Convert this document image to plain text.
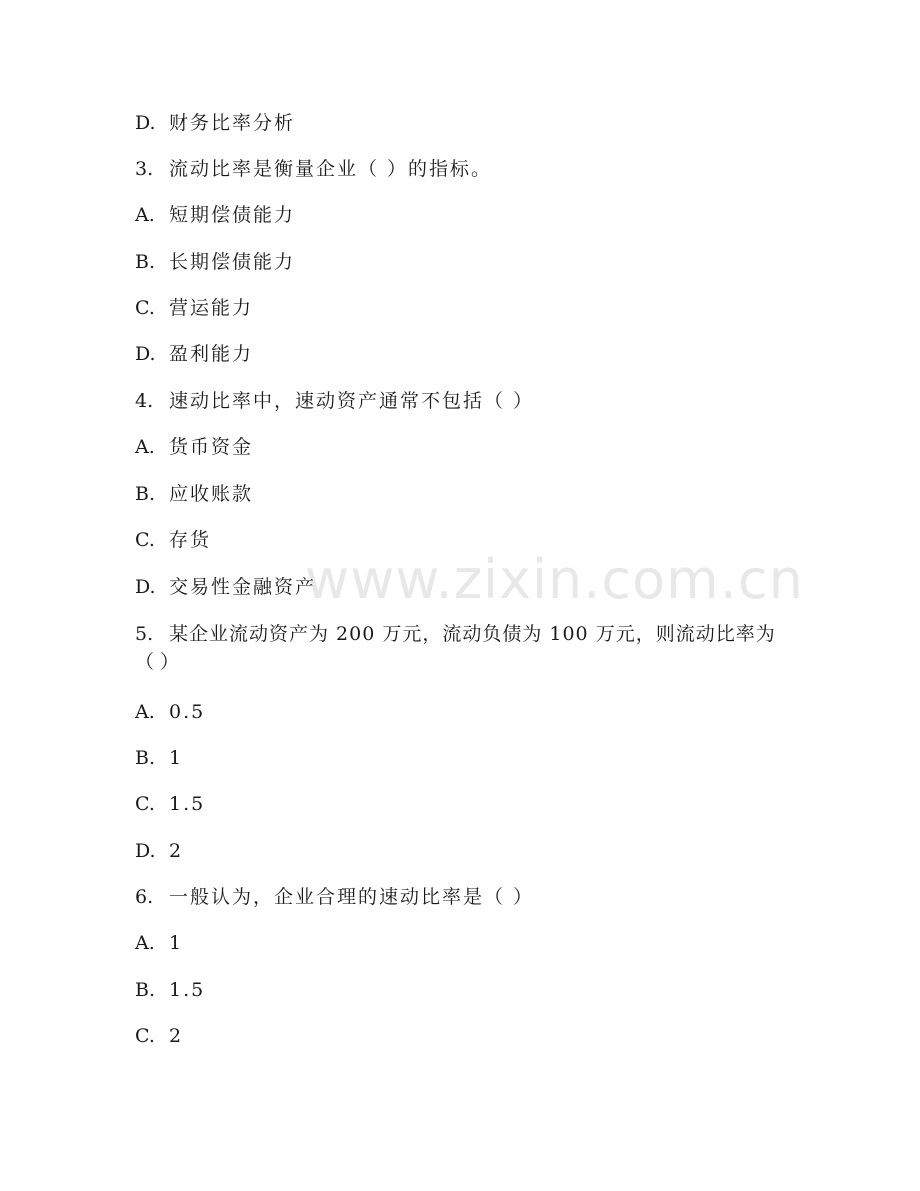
D. 财务比率分析
3. 流动比率是衡量企业（ ）的指标。
A. 短期偿债能力
B. 长期偿债能力
C. 营运能力
D. 盈利能力
4. 速动比率中，速动资产通常不包括（ ）
A. 货币资金
B. 应收账款
C. 存货
D. 交易性金融资产
5. 某企业流动资产为 200 万元，流动负债为 100 万元，则流动比率为
（ ）
A. 0.5
B. 1
C. 1.5
D. 2
6. 一般认为，企业合理的速动比率是（ ）
A. 1
B. 1.5
C. 2
www.zixin.com.cn
